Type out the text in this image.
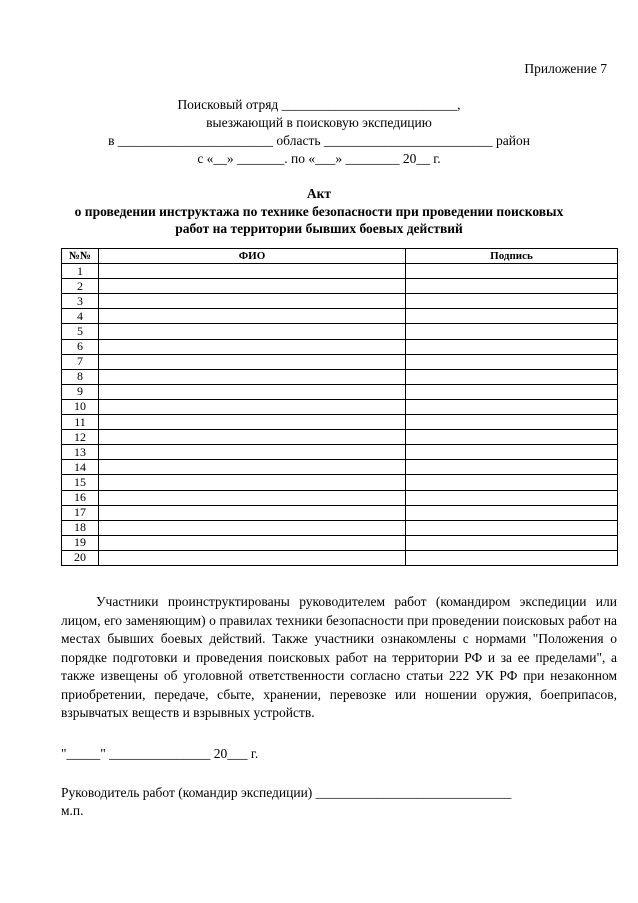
Приложение 7
Поисковый отряд __________________________,
выезжающий в поисковую экспедицию
в _______________________ область _________________________ район
с «__» _______. по «___» ________ 20__ г.
Акт
о проведении инструктажа по технике безопасности при проведении поисковых
работ на территории бывших боевых действий
№№	ФИО	Подпись
1		
2		
3		
4		
5		
6		
7		
8		
9		
10		
11		
12		
13		
14		
15		
16		
17		
18		
19		
20		

Участники проинструктированы руководителем работ (командиром экспедиции или лицом, его заменяющим) о правилах техники безопасности при проведении поисковых работ на местах бывших боевых действий. Также участники ознакомлены с нормами "Положения о порядке подготовки и проведения поисковых работ на территории РФ и за ее пределами", а также извещены об уголовной ответственности согласно статьи 222 УК РФ при незаконном приобретении, передаче, сбыте, хранении, перевозке или ношении оружия, боеприпасов, взрывчатых веществ и взрывных устройств.

"_____" _______________ 20___ г.
Руководитель работ (командир экспедиции) _____________________________
м.п.
